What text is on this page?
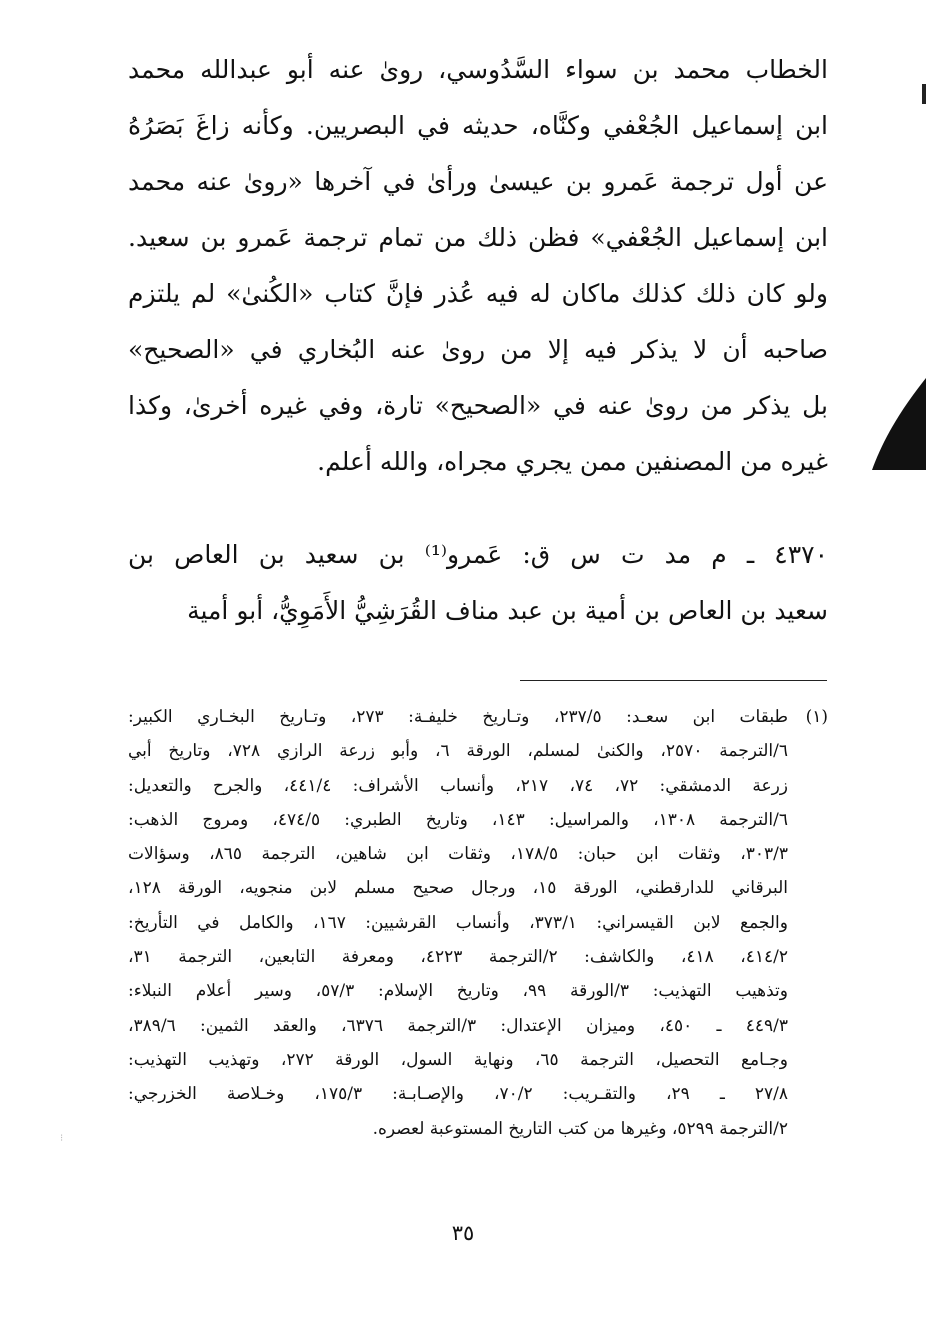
الخطاب محمد بن سواء السَّدُوسي، روىٰ عنه أبو عبدالله محمد
ابن إسماعيل الجُعْفي وكنَّاه، حديثه في البصريين. وكأنه زاغَ بَصَرُهُ
عن أول ترجمة عَمرو بن عيسىٰ ورأىٰ في آخرها «روىٰ عنه محمد
ابن إسماعيل الجُعْفي» فظن ذلك من تمام ترجمة عَمرو بن سعيد.
ولو كان ذلك كذلك ماكان له فيه عُذر فإنَّ كتاب «الكُنىٰ» لم يلتزم
صاحبه أن لا يذكر فيه إلا من روىٰ عنه البُخاري في «الصحيح»
بل يذكر من روىٰ عنه في «الصحيح» تارة، وفي غيره أخرىٰ، وكذا
غيره من المصنفين ممن يجري مجراه، والله أعلم.
٤٣٧٠ ـ م مد ت س ق: عَمرو⁽¹⁾ بن سعيد بن العاص بن
سعيد بن العاص بن أمية بن عبد مناف القُرَشِيُّ الأَمَوِيُّ، أبو أمية
(١)
طبقات ابن سعـد: ٢٣٧/٥، وتـاريخ خليفـة: ٢٧٣، وتـاريخ البخـاري الكبير:
٦/الترجمة ٢٥٧٠، والكنىٰ لمسلم، الورقة ٦، وأبو زرعة الرازي ٧٢٨، وتاريخ أبي
زرعة الدمشقي: ٧٢، ٧٤، ٢١٧، وأنساب الأشراف: ٤٤١/٤، والجرح والتعديل:
٦/الترجمة ١٣٠٨، والمراسيل: ١٤٣، وتاريخ الطبري: ٤٧٤/٥، ومروج الذهب:
٣٠٣/٣، وثقات ابن حبان: ١٧٨/٥، وثقات ابن شاهين، الترجمة ٨٦٥، وسؤالات
البرقاني للدارقطني، الورقة ١٥، ورجال صحيح مسلم لابن منجويه، الورقة ١٢٨،
والجمع لابن القيسراني: ٣٧٣/١، وأنساب القرشيين: ١٦٧، والكامل في التأريخ:
٤١٤/٢، ٤١٨، والكاشف: ٢/الترجمة ٤٢٢٣، ومعرفة التابعين، الترجمة ٣١،
وتذهيب التهذيب: ٣/الورقة ٩٩، وتاريخ الإسلام: ٥٧/٣، وسير أعلام النبلاء:
٤٤٩/٣ ـ ٤٥٠، وميزان الإعتدال: ٣/الترجمة ٦٣٧٦، والعقد الثمين: ٣٨٩/٦،
وجـامع التحصيل، الترجمة ٦٥، ونهاية السول، الورقة ٢٧٢، وتهذيب التهذيب:
٢٧/٨ ـ ٢٩، والتقـريب: ٧٠/٢، والإصـابـة: ١٧٥/٣، وخـلاصة الخزرجي:
٢/الترجمة ٥٢٩٩، وغيرها من كتب التاريخ المستوعبة لعصره.
٣٥
⁝
